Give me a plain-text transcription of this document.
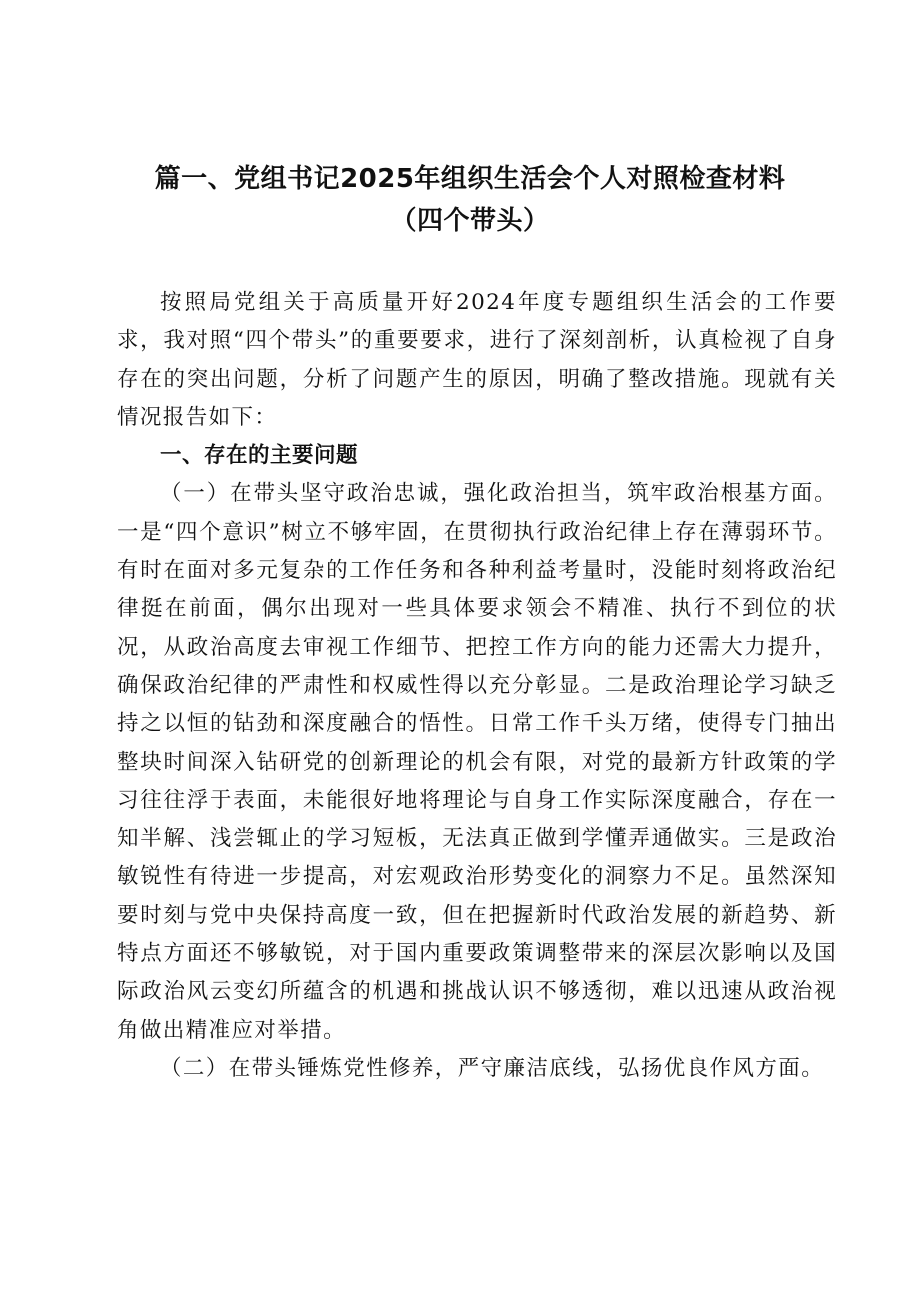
篇一、党组书记2025年组织生活会个人对照检查材料（四个带头）

按照局党组关于高质量开好2024年度专题组织生活会的工作要求，我对照“四个带头”的重要要求，进行了深刻剖析，认真检视了自身存在的突出问题，分析了问题产生的原因，明确了整改措施。现就有关情况报告如下：

一、存在的主要问题

（一）在带头坚守政治忠诚，强化政治担当，筑牢政治根基方面。一是“四个意识”树立不够牢固，在贯彻执行政治纪律上存在薄弱环节。有时在面对多元复杂的工作任务和各种利益考量时，没能时刻将政治纪律挺在前面，偶尔出现对一些具体要求领会不精准、执行不到位的状况，从政治高度去审视工作细节、把控工作方向的能力还需大力提升，确保政治纪律的严肃性和权威性得以充分彰显。二是政治理论学习缺乏持之以恒的钻劲和深度融合的悟性。日常工作千头万绪，使得专门抽出整块时间深入钻研党的创新理论的机会有限，对党的最新方针政策的学习往往浮于表面，未能很好地将理论与自身工作实际深度融合，存在一知半解、浅尝辄止的学习短板，无法真正做到学懂弄通做实。三是政治敏锐性有待进一步提高，对宏观政治形势变化的洞察力不足。虽然深知要时刻与党中央保持高度一致，但在把握新时代政治发展的新趋势、新特点方面还不够敏锐，对于国内重要政策调整带来的深层次影响以及国际政治风云变幻所蕴含的机遇和挑战认识不够透彻，难以迅速从政治视角做出精准应对举措。

（二）在带头锤炼党性修养，严守廉洁底线，弘扬优良作风方面。
